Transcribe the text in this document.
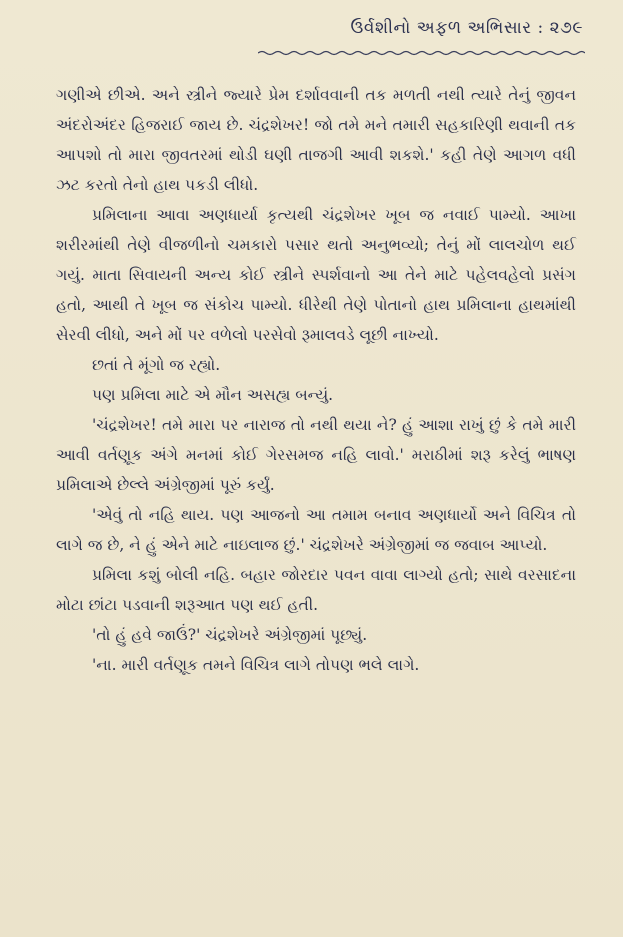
ઉર્વશીનો અફળ અભિસાર : ૨૭૯

ગણીએ છીએ. અને સ્ત્રીને જ્યારે પ્રેમ દર્શાવવાની તક મળતી નથી ત્યારે તેનું જીવન અંદરોઅંદર હિજરાઈ જાય છે. ચંદ્રશેખર! જો તમે મને તમારી સહકારિણી થવાની તક આપશો તો મારા જીવતરમાં થોડી ઘણી તાજગી આવી શકશે.' કહી તેણે આગળ વધી ઝટ કરતો તેનો હાથ પકડી લીધો.

પ્રમિલાના આવા અણધાર્યા કૃત્યથી ચંદ્રશેખર ખૂબ જ નવાઈ પામ્યો. આખા શરીરમાંથી તેણે વીજળીનો ચમકારો પસાર થતો અનુભવ્યો; તેનું મોં લાલચોળ થઈ ગયું. માતા સિવાયની અન્ય કોઈ સ્ત્રીને સ્પર્શવાનો આ તેને માટે પહેલવહેલો પ્રસંગ હતો, આથી તે ખૂબ જ સંકોચ પામ્યો. ધીરેથી તેણે પોતાનો હાથ પ્રમિલાના હાથમાંથી સેરવી લીધો, અને મોં પર વળેલો પરસેવો રૂમાલવડે લૂછી નાખ્યો.

છતાં તે મૂંગો જ રહ્યો.

પણ પ્રમિલા માટે એ મૌન અસહ્ય બન્યું.

'ચંદ્રશેખર! તમે મારા પર નારાજ તો નથી થયા ને? હું આશા રાખું છું કે તમે મારી આવી વર્તણૂક અંગે મનમાં કોઈ ગેરસમજ નહિ લાવો.' મરાઠીમાં શરૂ કરેલું ભાષણ પ્રમિલાએ છેલ્લે અંગ્રેજીમાં પૂરું કર્યું.

'એવું તો નહિ થાય. પણ આજનો આ તમામ બનાવ અણધાર્યો અને વિચિત્ર તો લાગે જ છે, ને હું એને માટે નાઇલાજ છું.' ચંદ્રશેખરે અંગ્રેજીમાં જ જવાબ આપ્યો.

પ્રમિલા કશું બોલી નહિ. બહાર જોરદાર પવન વાવા લાગ્યો હતો; સાથે વરસાદના મોટા છાંટા પડવાની શરૂઆત પણ થઈ હતી.

'તો હું હવે જાઉં?' ચંદ્રશેખરે અંગ્રેજીમાં પૂછ્યું.

'ના. મારી વર્તણૂક તમને વિચિત્ર લાગે તોપણ ભલે લાગે.
